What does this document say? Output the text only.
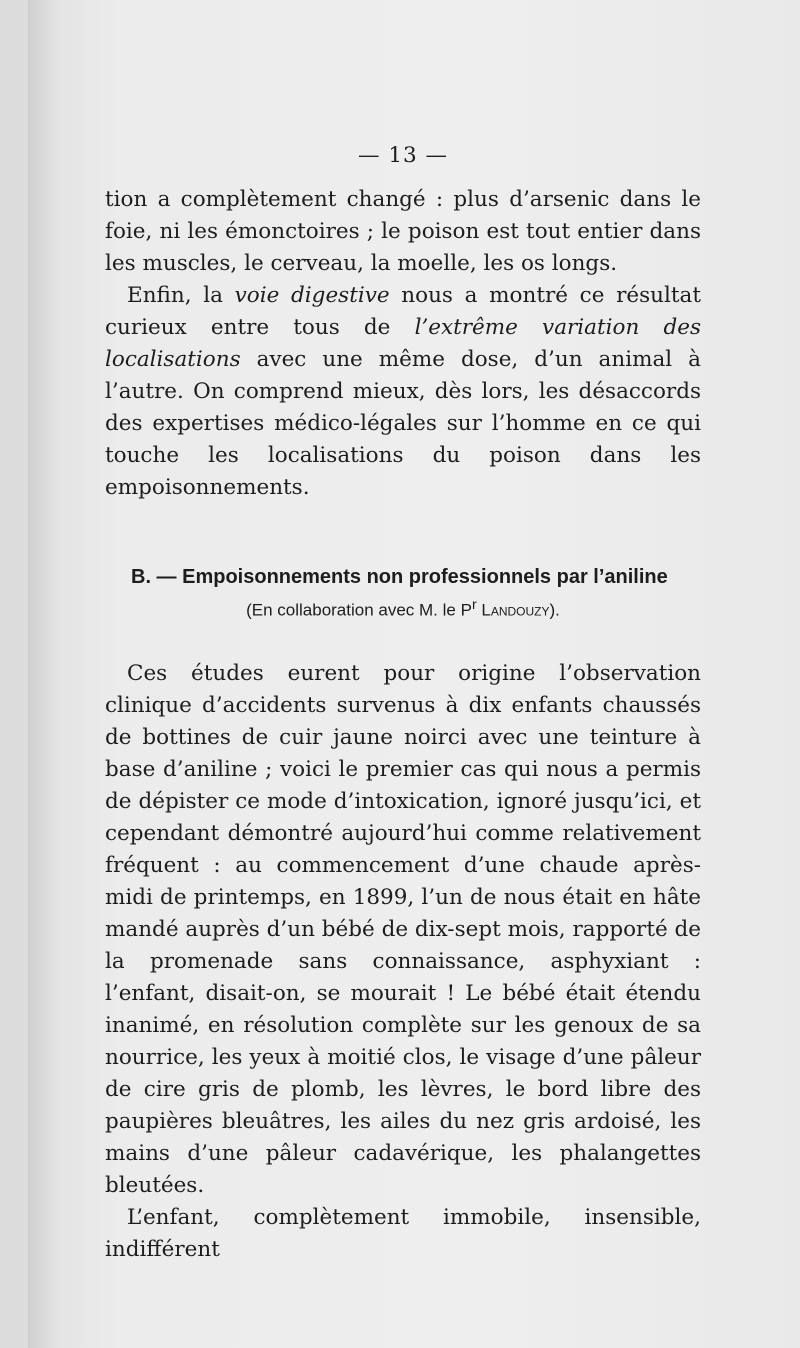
— 13 —

tion a complètement changé : plus d’arsenic dans le foie, ni les émonctoires ; le poison est tout entier dans les muscles, le cerveau, la moelle, les os longs.

Enfin, la voie digestive nous a montré ce résultat curieux entre tous de l’extrême variation des localisations avec une même dose, d’un animal à l’autre. On comprend mieux, dès lors, les désaccords des expertises médico-légales sur l’homme en ce qui touche les localisations du poison dans les empoisonnements.

B. — Empoisonnements non professionnels par l’aniline
(En collaboration avec M. le $P^r$ Landouzy).

Ces études eurent pour origine l’observation clinique d’accidents survenus à dix enfants chaussés de bottines de cuir jaune noirci avec une teinture à base d’aniline ; voici le premier cas qui nous a permis de dépister ce mode d’intoxication, ignoré jusqu’ici, et cependant démontré aujourd’hui comme relativement fréquent : au commencement d’une chaude après-midi de printemps, en 1899, l’un de nous était en hâte mandé auprès d’un bébé de dix-sept mois, rapporté de la promenade sans connaissance, asphyxiant : l’enfant, disait-on, se mourait ! Le bébé était étendu inanimé, en résolution complète sur les genoux de sa nourrice, les yeux à moitié clos, le visage d’une pâleur de cire gris de plomb, les lèvres, le bord libre des paupières bleuâtres, les ailes du nez gris ardoisé, les mains d’une pâleur cadavérique, les phalangettes bleutées.

L’enfant, complètement immobile, insensible, indifférent
